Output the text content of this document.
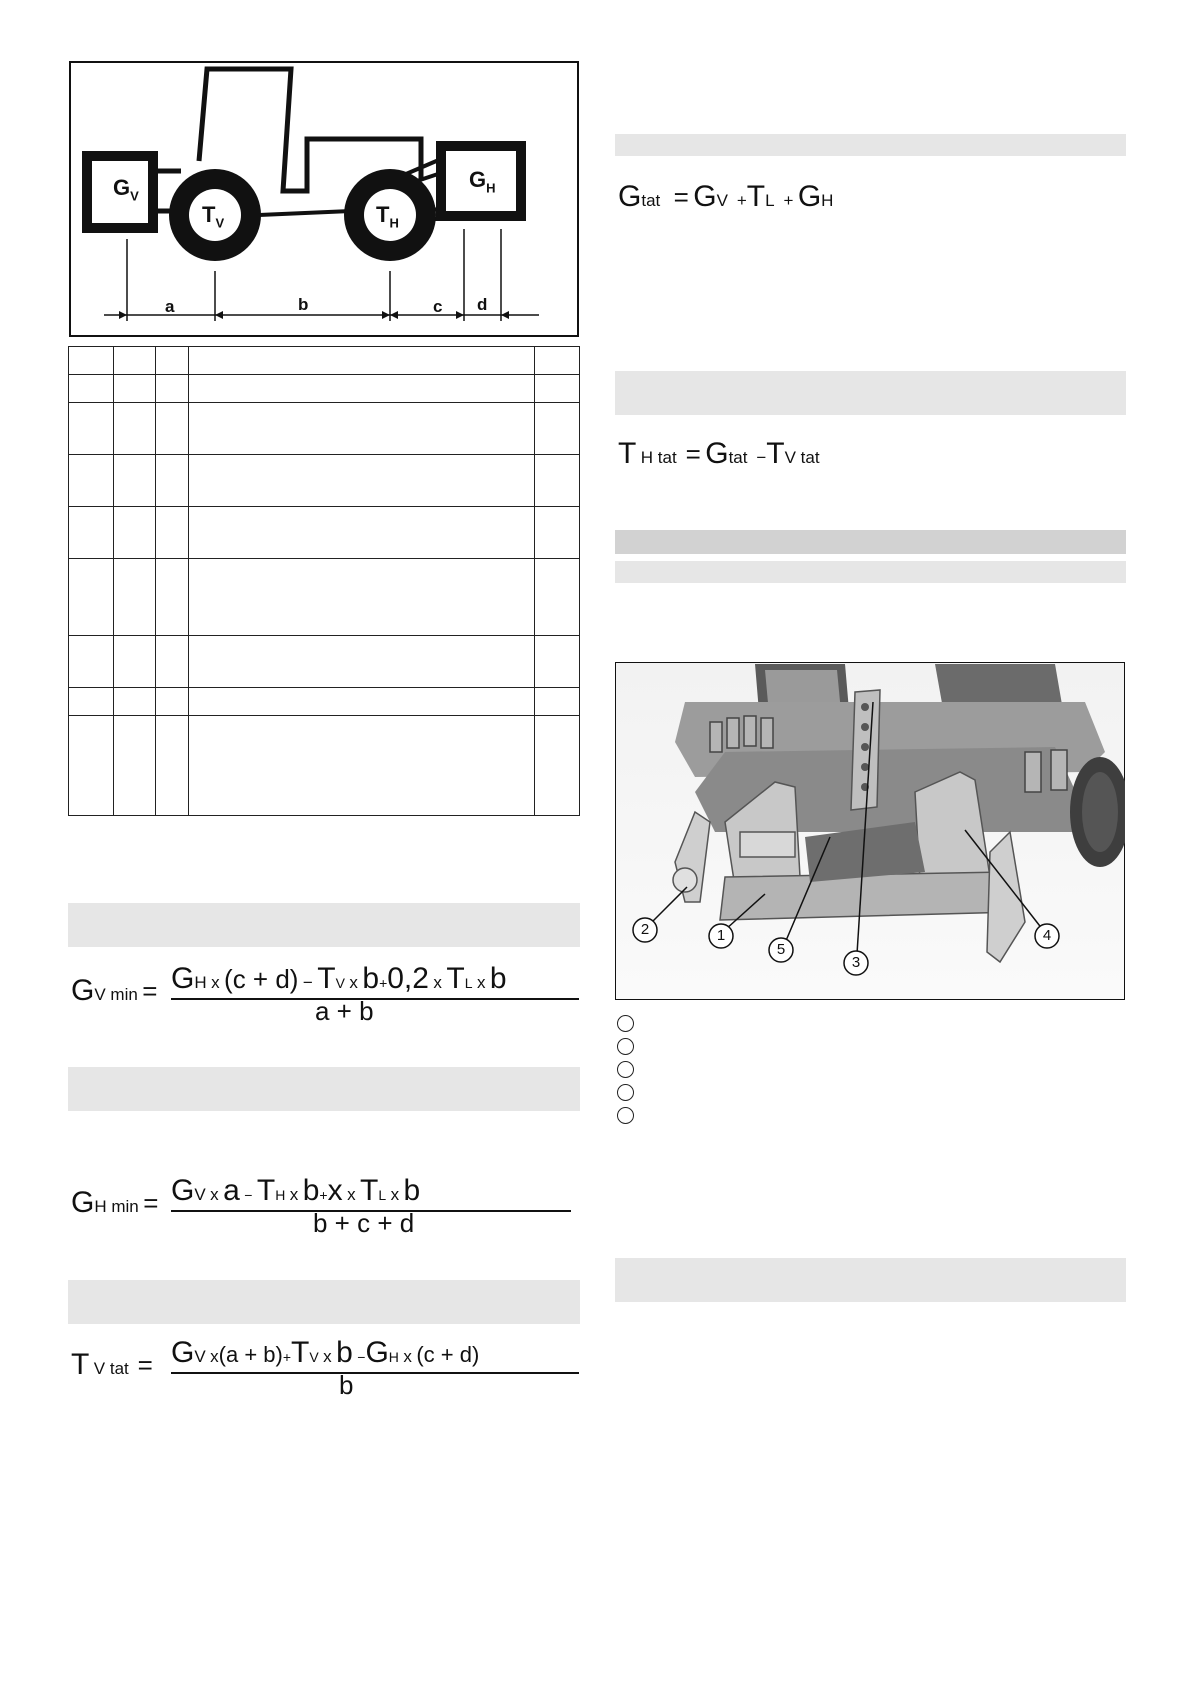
$G_V$
$G_H$
$T_V$	$T_H$
a	b	c d

GV min = GH x (c + d) − TV x b+0,2 x TL x b
a + b
GH min = GV x a − TH x b+x x TL x b
b + c + d
T V tat = GV x(a + b)+TV x b −GH x (c + d)
b
Gtat = GV +TL + GH
T H tat = Gtat −TV tat
2	1
5
3
4
